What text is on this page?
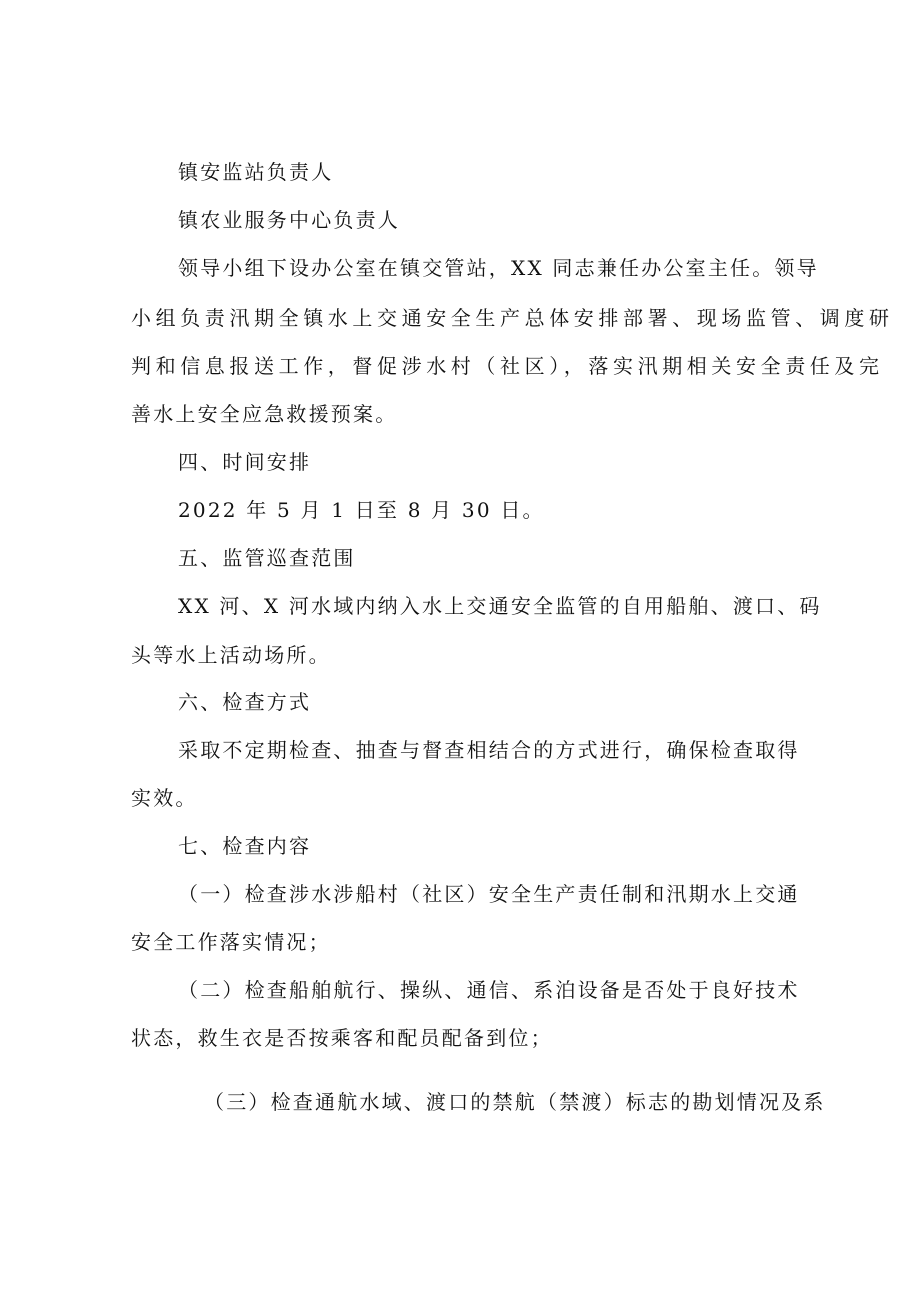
镇安监站负责人

镇农业服务中心负责人

领导小组下设办公室在镇交管站，XX 同志兼任办公室主任。领导

小组负责汛期全镇水上交通安全生产总体安排部署、现场监管、调度研

判和信息报送工作，督促涉水村（社区），落实汛期相关安全责任及完

善水上安全应急救援预案。

四、时间安排

2022 年 5 月 1 日至 8 月 30 日。

五、监管巡查范围

XX 河、X 河水域内纳入水上交通安全监管的自用船舶、渡口、码

头等水上活动场所。

六、检查方式

采取不定期检查、抽查与督查相结合的方式进行，确保检查取得

实效。

七、检查内容

（一）检查涉水涉船村（社区）安全生产责任制和汛期水上交通

安全工作落实情况；

（二）检查船舶航行、操纵、通信、系泊设备是否处于良好技术

状态，救生衣是否按乘客和配员配备到位；

（三）检查通航水域、渡口的禁航（禁渡）标志的勘划情况及系
